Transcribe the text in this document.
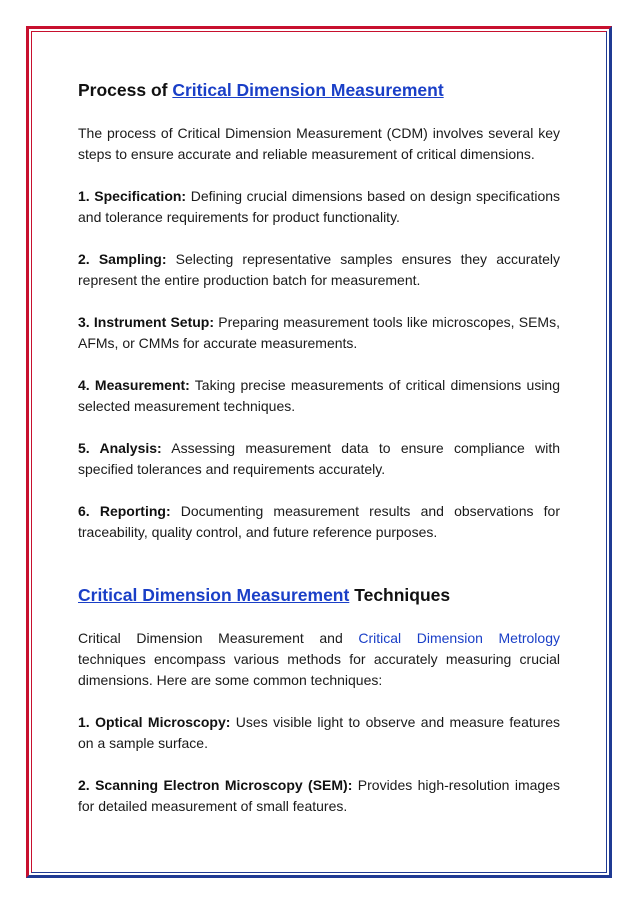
Process of Critical Dimension Measurement

The process of Critical Dimension Measurement (CDM) involves several key steps to ensure accurate and reliable measurement of critical dimensions.

1. Specification: Defining crucial dimensions based on design specifications and tolerance requirements for product functionality.

2. Sampling: Selecting representative samples ensures they accurately represent the entire production batch for measurement.

3. Instrument Setup: Preparing measurement tools like microscopes, SEMs, AFMs, or CMMs for accurate measurements.

4. Measurement: Taking precise measurements of critical dimensions using selected measurement techniques.

5. Analysis: Assessing measurement data to ensure compliance with specified tolerances and requirements accurately.

6. Reporting: Documenting measurement results and observations for traceability, quality control, and future reference purposes.

Critical Dimension Measurement Techniques

Critical Dimension Measurement and Critical Dimension Metrology techniques encompass various methods for accurately measuring crucial dimensions. Here are some common techniques:

1. Optical Microscopy: Uses visible light to observe and measure features on a sample surface.

2. Scanning Electron Microscopy (SEM): Provides high-resolution images for detailed measurement of small features.
